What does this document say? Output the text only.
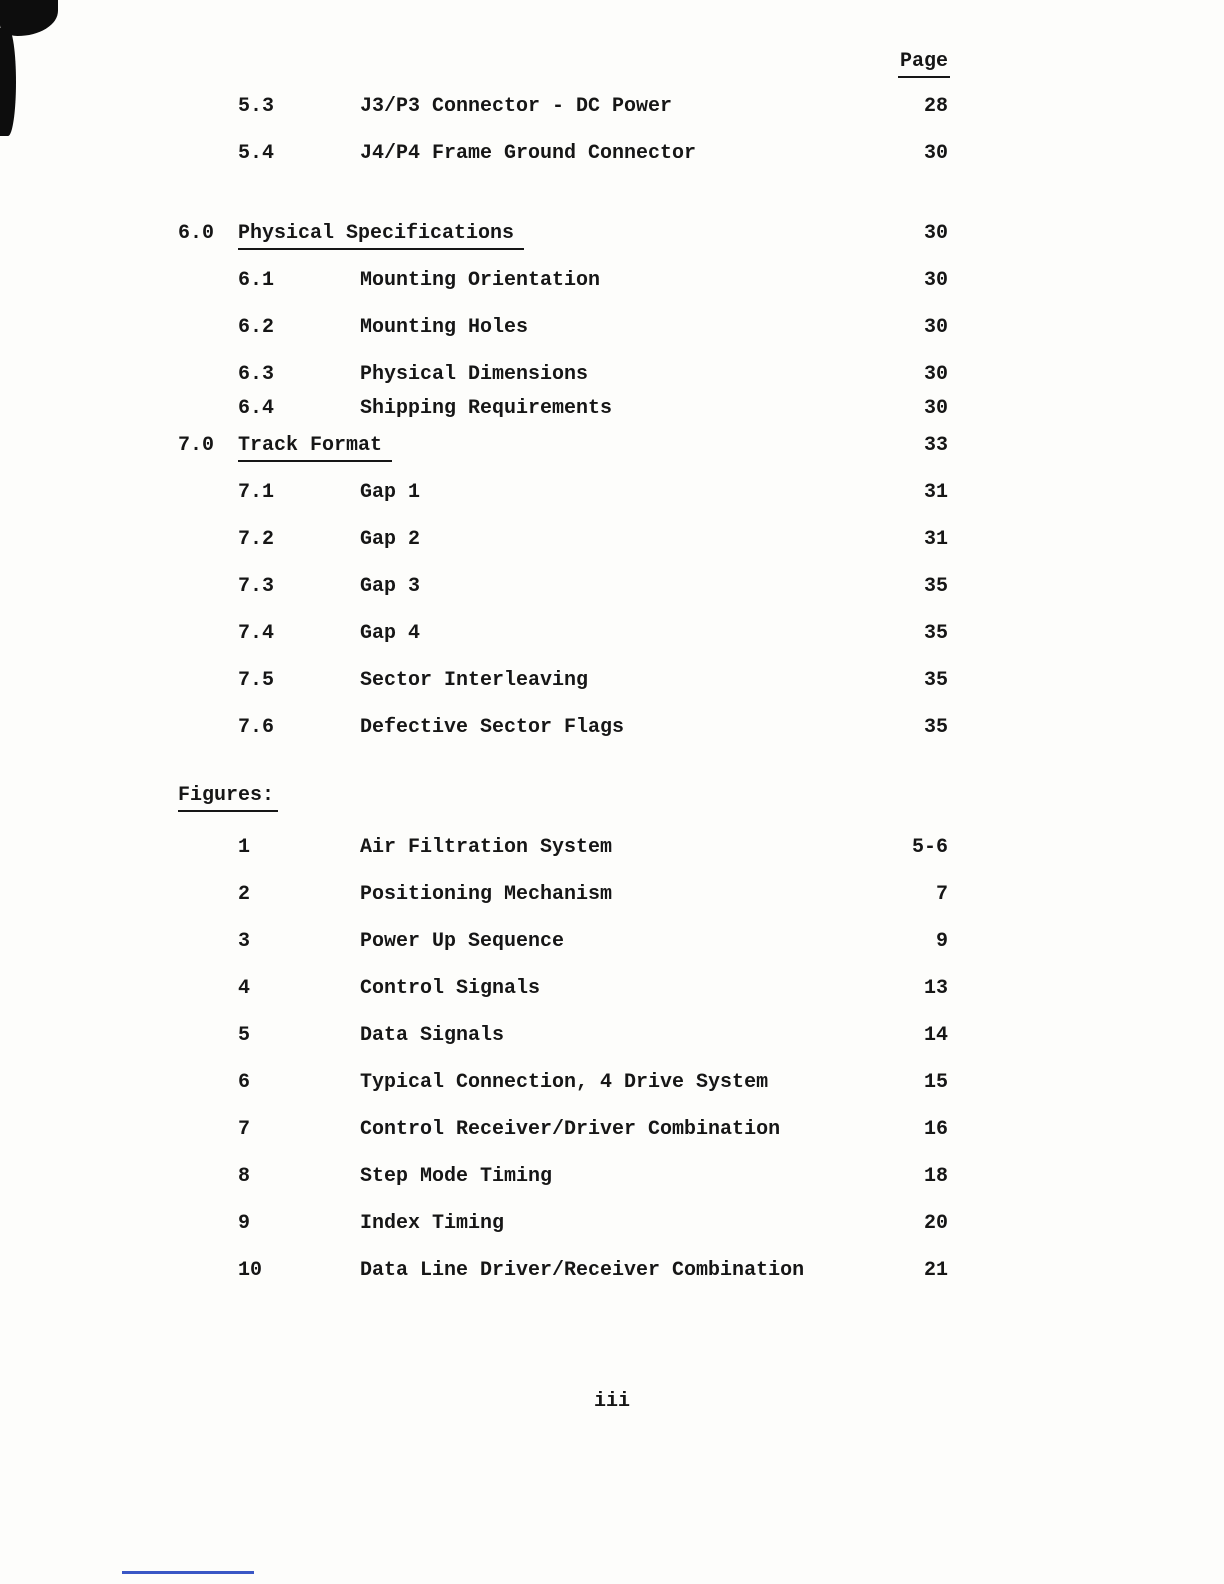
Page
5.3	J3/P3 Connector - DC Power	28
5.4	J4/P4 Frame Ground Connector	30
6.0 Physical Specifications	30
6.1	Mounting Orientation	30
6.2	Mounting Holes	30
6.3	Physical Dimensions	30
6.4	Shipping Requirements	30
7.0 Track Format	33
7.1	Gap 1	31
7.2	Gap 2	31
7.3	Gap 3	35
7.4	Gap 4	35
7.5	Sector Interleaving	35
7.6	Defective Sector Flags	35
Figures:
1	Air Filtration System	5-6
2	Positioning Mechanism	7
3	Power Up Sequence	9
4	Control Signals	13
5	Data Signals	14
6	Typical Connection, 4 Drive System	15
7	Control Receiver/Driver Combination	16
8	Step Mode Timing	18
9	Index Timing	20
10	Data Line Driver/Receiver Combination	21
iii
